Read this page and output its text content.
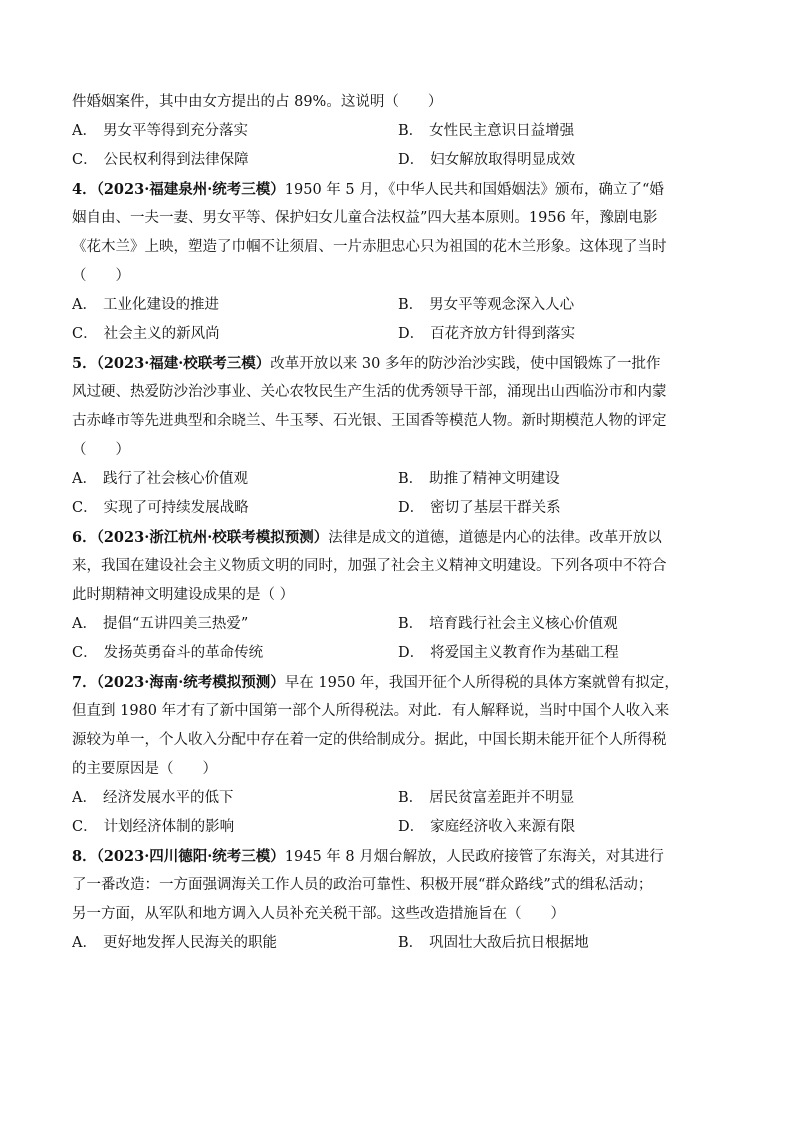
件婚姻案件，其中由女方提出的占 89%。这说明（　　）
A． 男女平等得到充分落实	B． 女性民主意识日益增强
C． 公民权利得到法律保障	D． 妇女解放取得明显成效
4．（2023·福建泉州·统考三模）1950 年 5 月，《中华人民共和国婚姻法》颁布，确立了“婚
姻自由、一夫一妻、男女平等、保护妇女儿童合法权益”四大基本原则。1956 年，豫剧电影
《花木兰》上映，塑造了巾帼不让须眉、一片赤胆忠心只为祖国的花木兰形象。这体现了当时
（　　）
A． 工业化建设的推进	B． 男女平等观念深入人心
C． 社会主义的新风尚	D． 百花齐放方针得到落实
5．（2023·福建·校联考三模）改革开放以来 30 多年的防沙治沙实践，使中国锻炼了一批作
风过硬、热爱防沙治沙事业、关心农牧民生产生活的优秀领导干部，涌现出山西临汾市和内蒙
古赤峰市等先进典型和余晓兰、牛玉琴、石光银、王国香等模范人物。新时期模范人物的评定
（　　）
A． 践行了社会核心价值观	B． 助推了精神文明建设
C． 实现了可持续发展战略	D． 密切了基层干群关系
6．（2023·浙江杭州·校联考模拟预测）法律是成文的道德，道德是内心的法律。改革开放以
来，我国在建设社会主义物质文明的同时，加强了社会主义精神文明建设。下列各项中不符合
此时期精神文明建设成果的是（ ）
A． 提倡“五讲四美三热爱”	B． 培育践行社会主义核心价值观
C． 发扬英勇奋斗的革命传统	D． 将爱国主义教育作为基础工程
7．（2023·海南·统考模拟预测）早在 1950 年，我国开征个人所得税的具体方案就曾有拟定，
但直到 1980 年才有了新中国第一部个人所得税法。对此．有人解释说，当时中国个人收入来
源较为单一，个人收入分配中存在着一定的供给制成分。据此，中国长期未能开征个人所得税
的主要原因是（　　）
A． 经济发展水平的低下	B． 居民贫富差距并不明显
C． 计划经济体制的影响	D． 家庭经济收入来源有限
8．（2023·四川德阳·统考三模）1945 年 8 月烟台解放，人民政府接管了东海关，对其进行
了一番改造：一方面强调海关工作人员的政治可靠性、积极开展“群众路线”式的缉私活动；
另一方面，从军队和地方调入人员补充关税干部。这些改造措施旨在（　　）
A． 更好地发挥人民海关的职能	B． 巩固壮大敌后抗日根据地
